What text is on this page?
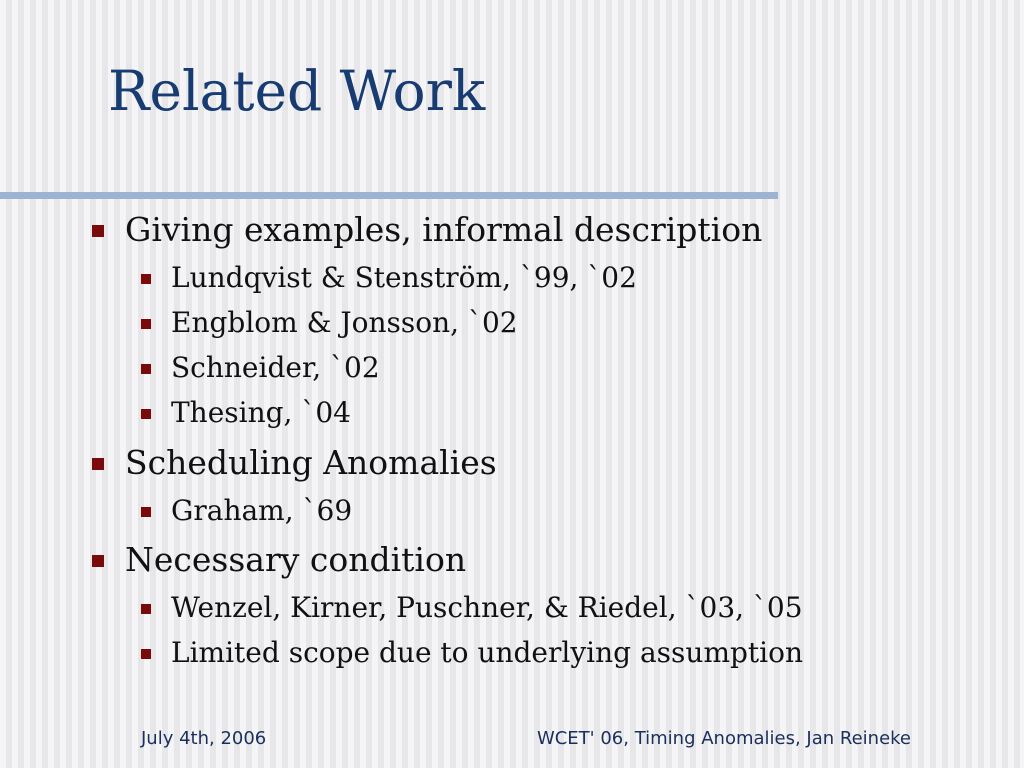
Related Work
Giving examples, informal description
Lundqvist & Stenström, `99, `02
Engblom & Jonsson, `02
Schneider, `02
Thesing, `04
Scheduling Anomalies
Graham, `69
Necessary condition
Wenzel, Kirner, Puschner, & Riedel, `03, `05
Limited scope due to underlying assumption
July 4th, 2006	WCET' 06, Timing Anomalies, Jan Reineke
